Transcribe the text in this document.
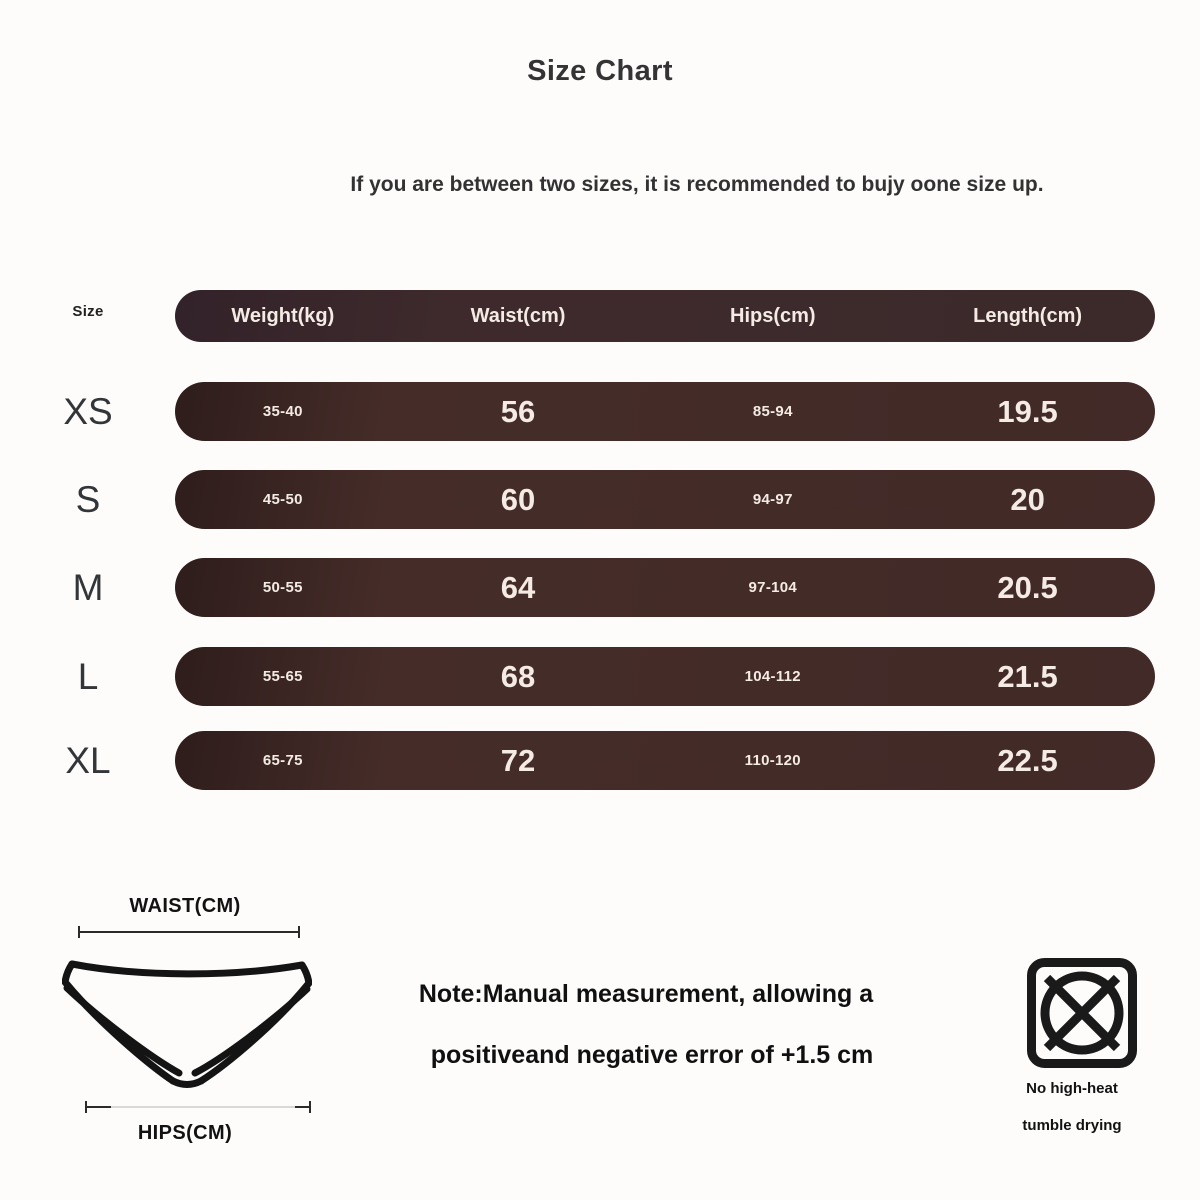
Size Chart
If you are between two sizes, it is recommended to bujy oone size up.
Size	Weight(kg)	Waist(cm)	Hips(cm)	Length(cm)
XS	35-40	56	85-94	19.5
S	45-50	60	94-97	20
M	50-55	64	97-104	20.5
L	55-65	68	104-112	21.5
XL	65-75	72	110-120	22.5
WAIST(CM)
HIPS(CM)
Note:Manual measurement, allowing a
positiveand negative error of +1.5 cm
No high-heat
tumble drying
